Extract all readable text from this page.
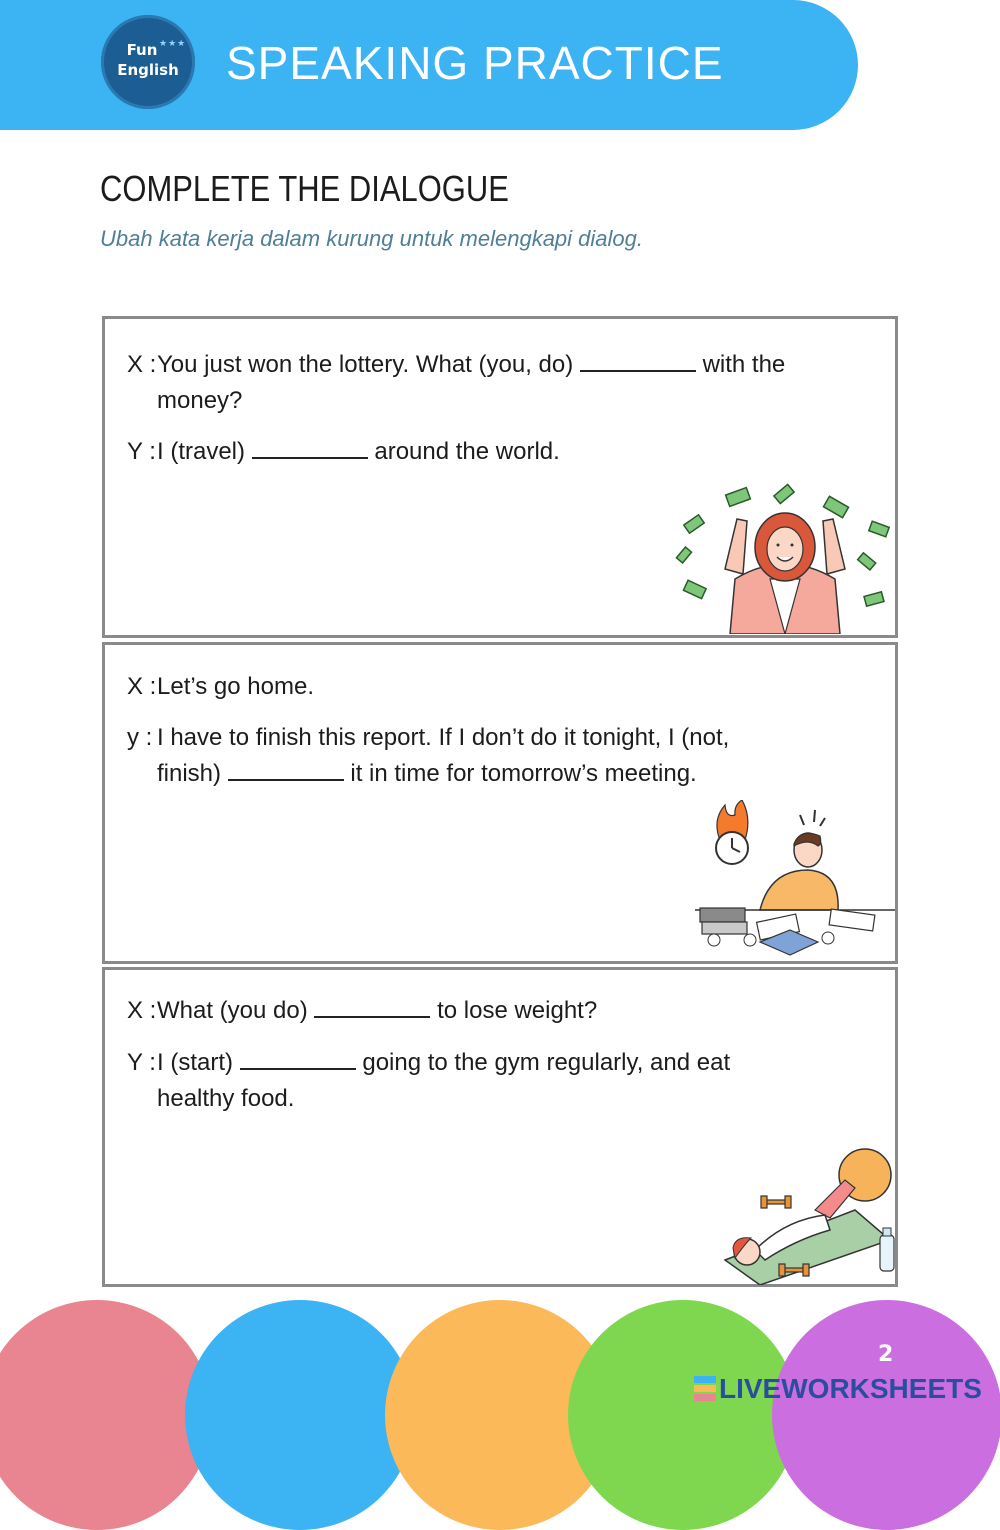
Fun ★★★
English	SPEAKING PRACTICE
COMPLETE THE DIALOGUE
Ubah kata kerja dalam kurung untuk melengkapi dialog.
X : You just won the lottery. What (you, do)	with the
money?
Y : I (travel)	around the world.
X : Let’s go home.
y : I have to finish this report. If I don’t do it tonight, I (not,
finish)	it in time for tomorrow’s meeting.
X : What (you do)	to lose weight?
Y : I (start)	going to the gym regularly, and eat
healthy food.
2
LIVEWORKSHEETS
